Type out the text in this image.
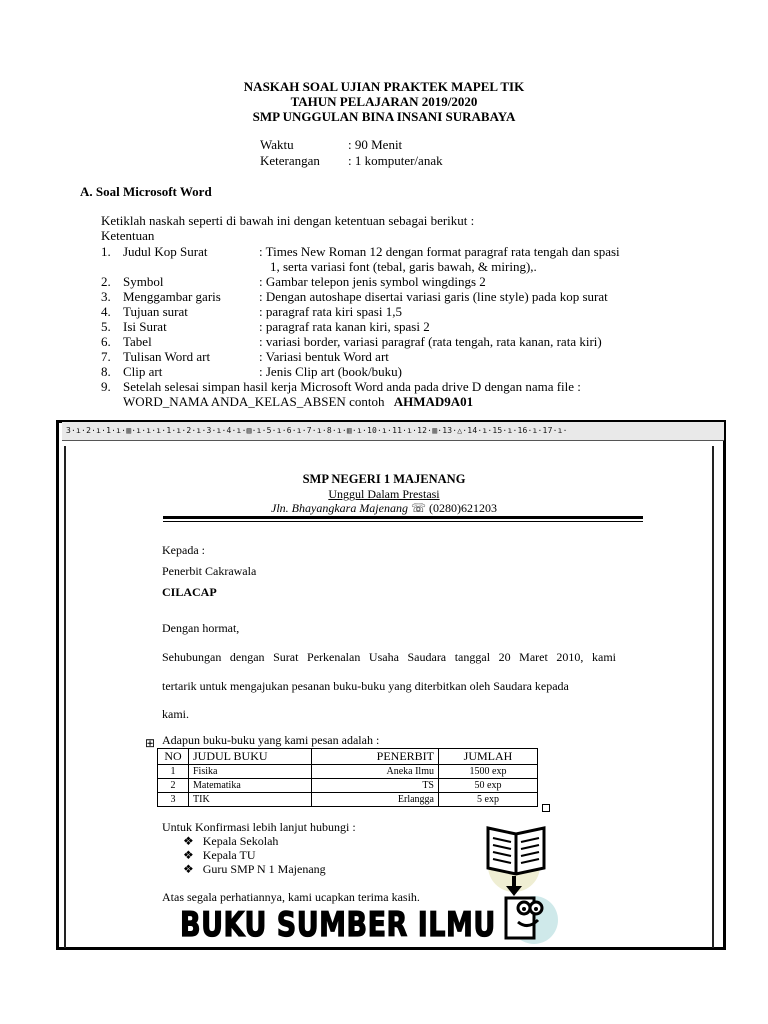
NASKAH SOAL UJIAN PRAKTEK MAPEL TIK
TAHUN PELAJARAN 2019/2020
SMP UNGGULAN BINA INSANI SURABAYA
Waktu	: 90 Menit
Keterangan : 1 komputer/anak
A. Soal Microsoft Word
Ketiklah naskah seperti di bawah ini dengan ketentuan sebagai berikut :
Ketentuan
1. Judul Kop Surat	: Times New Roman 12 dengan format paragraf rata tengah dan spasi
1, serta variasi font (tebal, garis bawah, & miring),.
2. Symbol	: Gambar telepon jenis symbol wingdings 2
3. Menggambar garis	: Dengan autoshape disertai variasi garis (line style) pada kop surat
4. Tujuan surat	: paragraf rata kiri spasi 1,5
5. Isi Surat	: paragraf rata kanan kiri, spasi 2
6. Tabel	: variasi border, variasi paragraf (rata tengah, rata kanan, rata kiri)
7. Tulisan Word art	: Variasi bentuk Word art
8. Clip art	: Jenis Clip art (book/buku)
9. Setelah selesai simpan hasil kerja Microsoft Word anda pada drive D dengan nama file :
WORD_NAMA ANDA_KELAS_ABSEN contoh AHMAD9A01
3·ı·2·ı·1·ı·▥·ı·ı·ı·1·ı·2·ı·3·ı·4·ı·▥·ı·5·ı·6·ı·7·ı·8·ı·▥·ı·10·ı·11·ı·12·▥·13·△·14·ı·15·ı·16·ı·17·ı·
SMP NEGERI 1 MAJENANG
Unggul Dalam Prestasi
Jln. Bhayangkara Majenang ☏ (0280)621203
Kepada :
Penerbit Cakrawala
CILACAP
Dengan hormat,
Sehubungan dengan Surat Perkenalan Usaha Saudara tanggal 20 Maret 2010, kami
tertarik untuk mengajukan pesanan buku-buku yang diterbitkan oleh Saudara kepada
kami.
⊞ Adapun buku-buku yang kami pesan adalah :
NO	JUDUL BUKU	PENERBIT	JUMLAH
1	Fisika	Aneka Ilmu	1500 exp
2	Matematika	TS	50 exp
3	TIK	Erlangga	5 exp
Untuk Konfirmasi lebih lanjut hubungi :
❖ Kepala Sekolah
❖ Kepala TU
❖ Guru SMP N 1 Majenang
Atas segala perhatiannya, kami ucapkan terima kasih.
BUKU SUMBER ILMU
